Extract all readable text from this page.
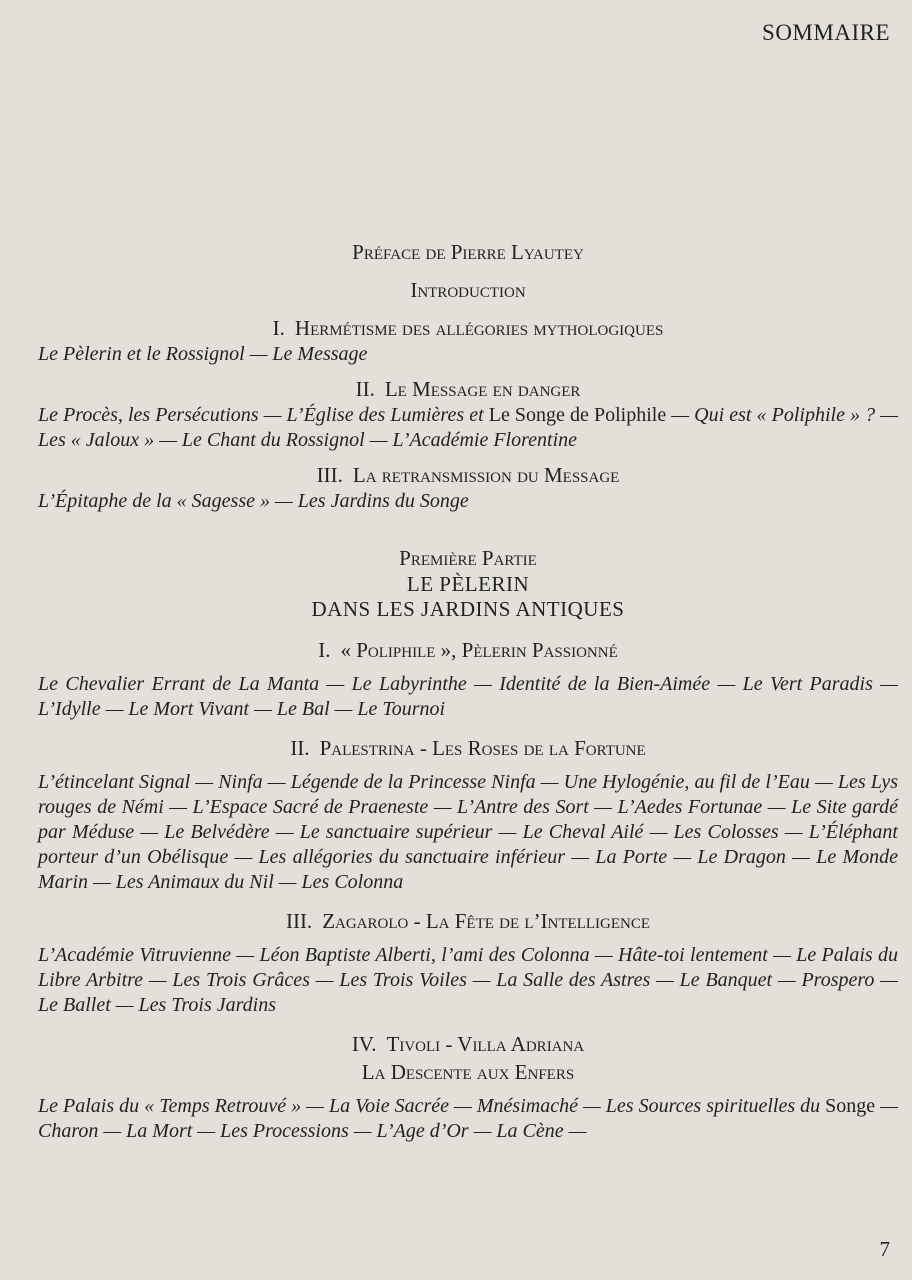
SOMMAIRE
Préface de Pierre Lyautey
Introduction
I. Hermétisme des allégories mythologiques

Le Pèlerin et le Rossignol — Le Message

II. Le Message en danger

Le Procès, les Persécutions — L’Église des Lumières et Le Songe de Poliphile — Qui est « Poliphile » ? — Les « Jaloux » — Le Chant du Rossignol — L’Académie Florentine

III. La retransmission du Message

L’Épitaphe de la « Sagesse » — Les Jardins du Songe

Première Partie
LE PÈLERIN
DANS LES JARDINS ANTIQUES
I. « Poliphile », Pèlerin Passionné

Le Chevalier Errant de La Manta — Le Labyrinthe — Identité de la Bien-Aimée — Le Vert Paradis — L’Idylle — Le Mort Vivant — Le Bal — Le Tournoi

II. Palestrina - Les Roses de la Fortune

L’étincelant Signal — Ninfa — Légende de la Princesse Ninfa — Une Hylogénie, au fil de l’Eau — Les Lys rouges de Némi — L’Espace Sacré de Praeneste — L’Antre des Sort — L’Aedes Fortunae — Le Site gardé par Méduse — Le Belvédère — Le sanctuaire supérieur — Le Cheval Ailé — Les Colosses — L’Éléphant porteur d’un Obélisque — Les allégories du sanctuaire inférieur — La Porte — Le Dragon — Le Monde Marin — Les Animaux du Nil — Les Colonna

III. Zagarolo - La Fête de l’Intelligence

L’Académie Vitruvienne — Léon Baptiste Alberti, l’ami des Colonna — Hâte-toi lentement — Le Palais du Libre Arbitre — Les Trois Grâces — Les Trois Voiles — La Salle des Astres — Le Banquet — Prospero — Le Ballet — Les Trois Jardins

IV. Tivoli - Villa Adriana
La Descente aux Enfers

Le Palais du « Temps Retrouvé » — La Voie Sacrée — Mnésimaché — Les Sources spirituelles du Songe — Charon — La Mort — Les Processions — L’Age d’Or — La Cène —

7
